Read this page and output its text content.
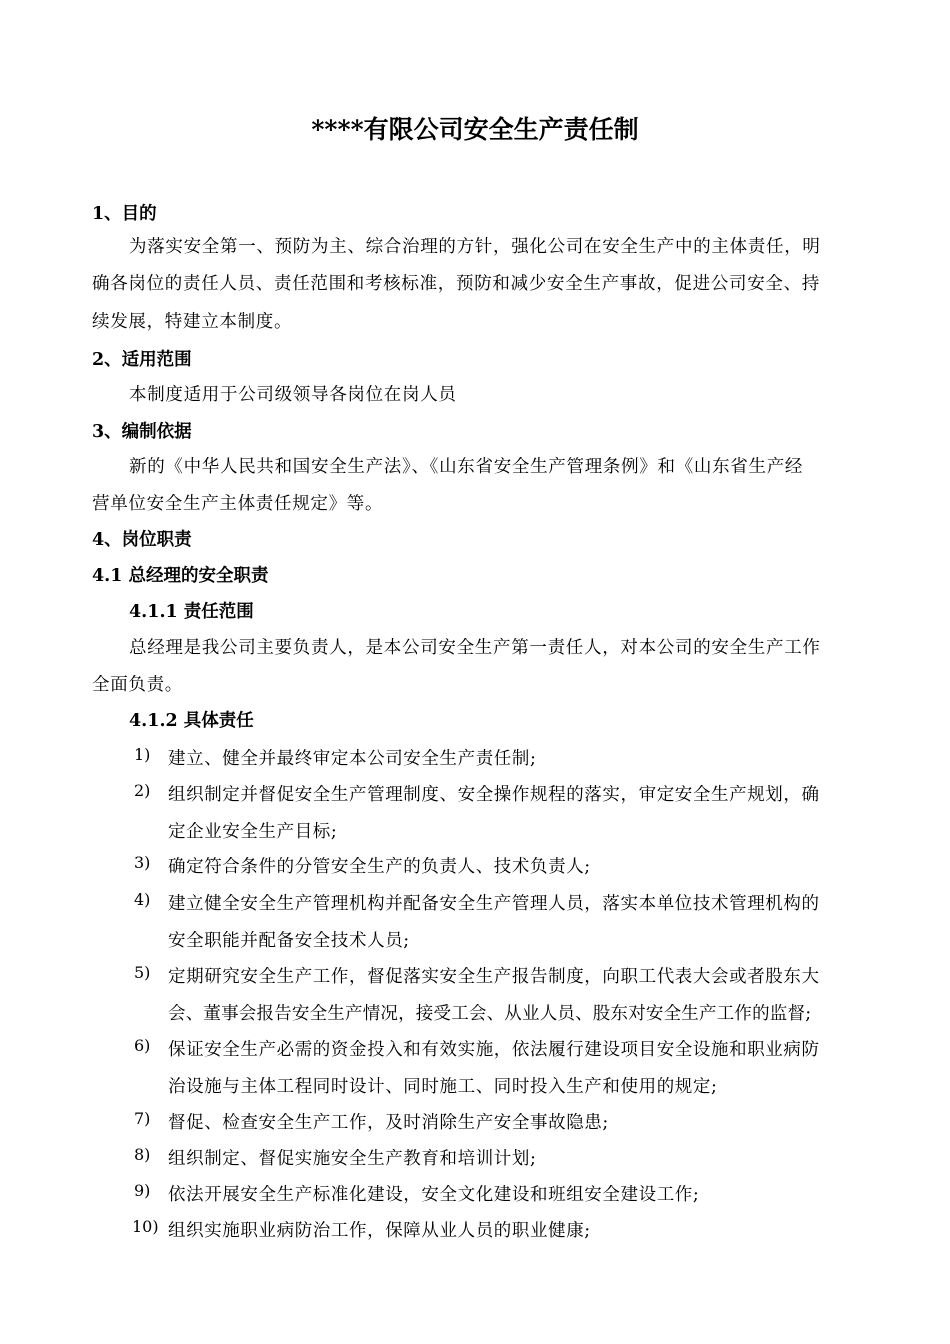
****有限公司安全生产责任制
1、目的
为落实安全第一、预防为主、综合治理的方针，强化公司在安全生产中的主体责任，明
确各岗位的责任人员、责任范围和考核标准，预防和减少安全生产事故，促进公司安全、持
续发展，特建立本制度。
2、适用范围
本制度适用于公司级领导各岗位在岗人员
3、编制依据
新的《中华人民共和国安全生产法》、《山东省安全生产管理条例》和《山东省生产经
营单位安全生产主体责任规定》等。
4、岗位职责
4.1 总经理的安全职责
4.1.1 责任范围
总经理是我公司主要负责人，是本公司安全生产第一责任人，对本公司的安全生产工作
全面负责。
4.1.2 具体责任
1) 建立、健全并最终审定本公司安全生产责任制;
2) 组织制定并督促安全生产管理制度、安全操作规程的落实，审定安全生产规划，确
定企业安全生产目标;
3) 确定符合条件的分管安全生产的负责人、技术负责人;
4) 建立健全安全生产管理机构并配备安全生产管理人员，落实本单位技术管理机构的
安全职能并配备安全技术人员;
5) 定期研究安全生产工作，督促落实安全生产报告制度，向职工代表大会或者股东大
会、董事会报告安全生产情况，接受工会、从业人员、股东对安全生产工作的监督;
6) 保证安全生产必需的资金投入和有效实施，依法履行建设项目安全设施和职业病防
治设施与主体工程同时设计、同时施工、同时投入生产和使用的规定;
7) 督促、检查安全生产工作，及时消除生产安全事故隐患;
8) 组织制定、督促实施安全生产教育和培训计划;
9) 依法开展安全生产标准化建设，安全文化建设和班组安全建设工作;
10) 组织实施职业病防治工作，保障从业人员的职业健康;
